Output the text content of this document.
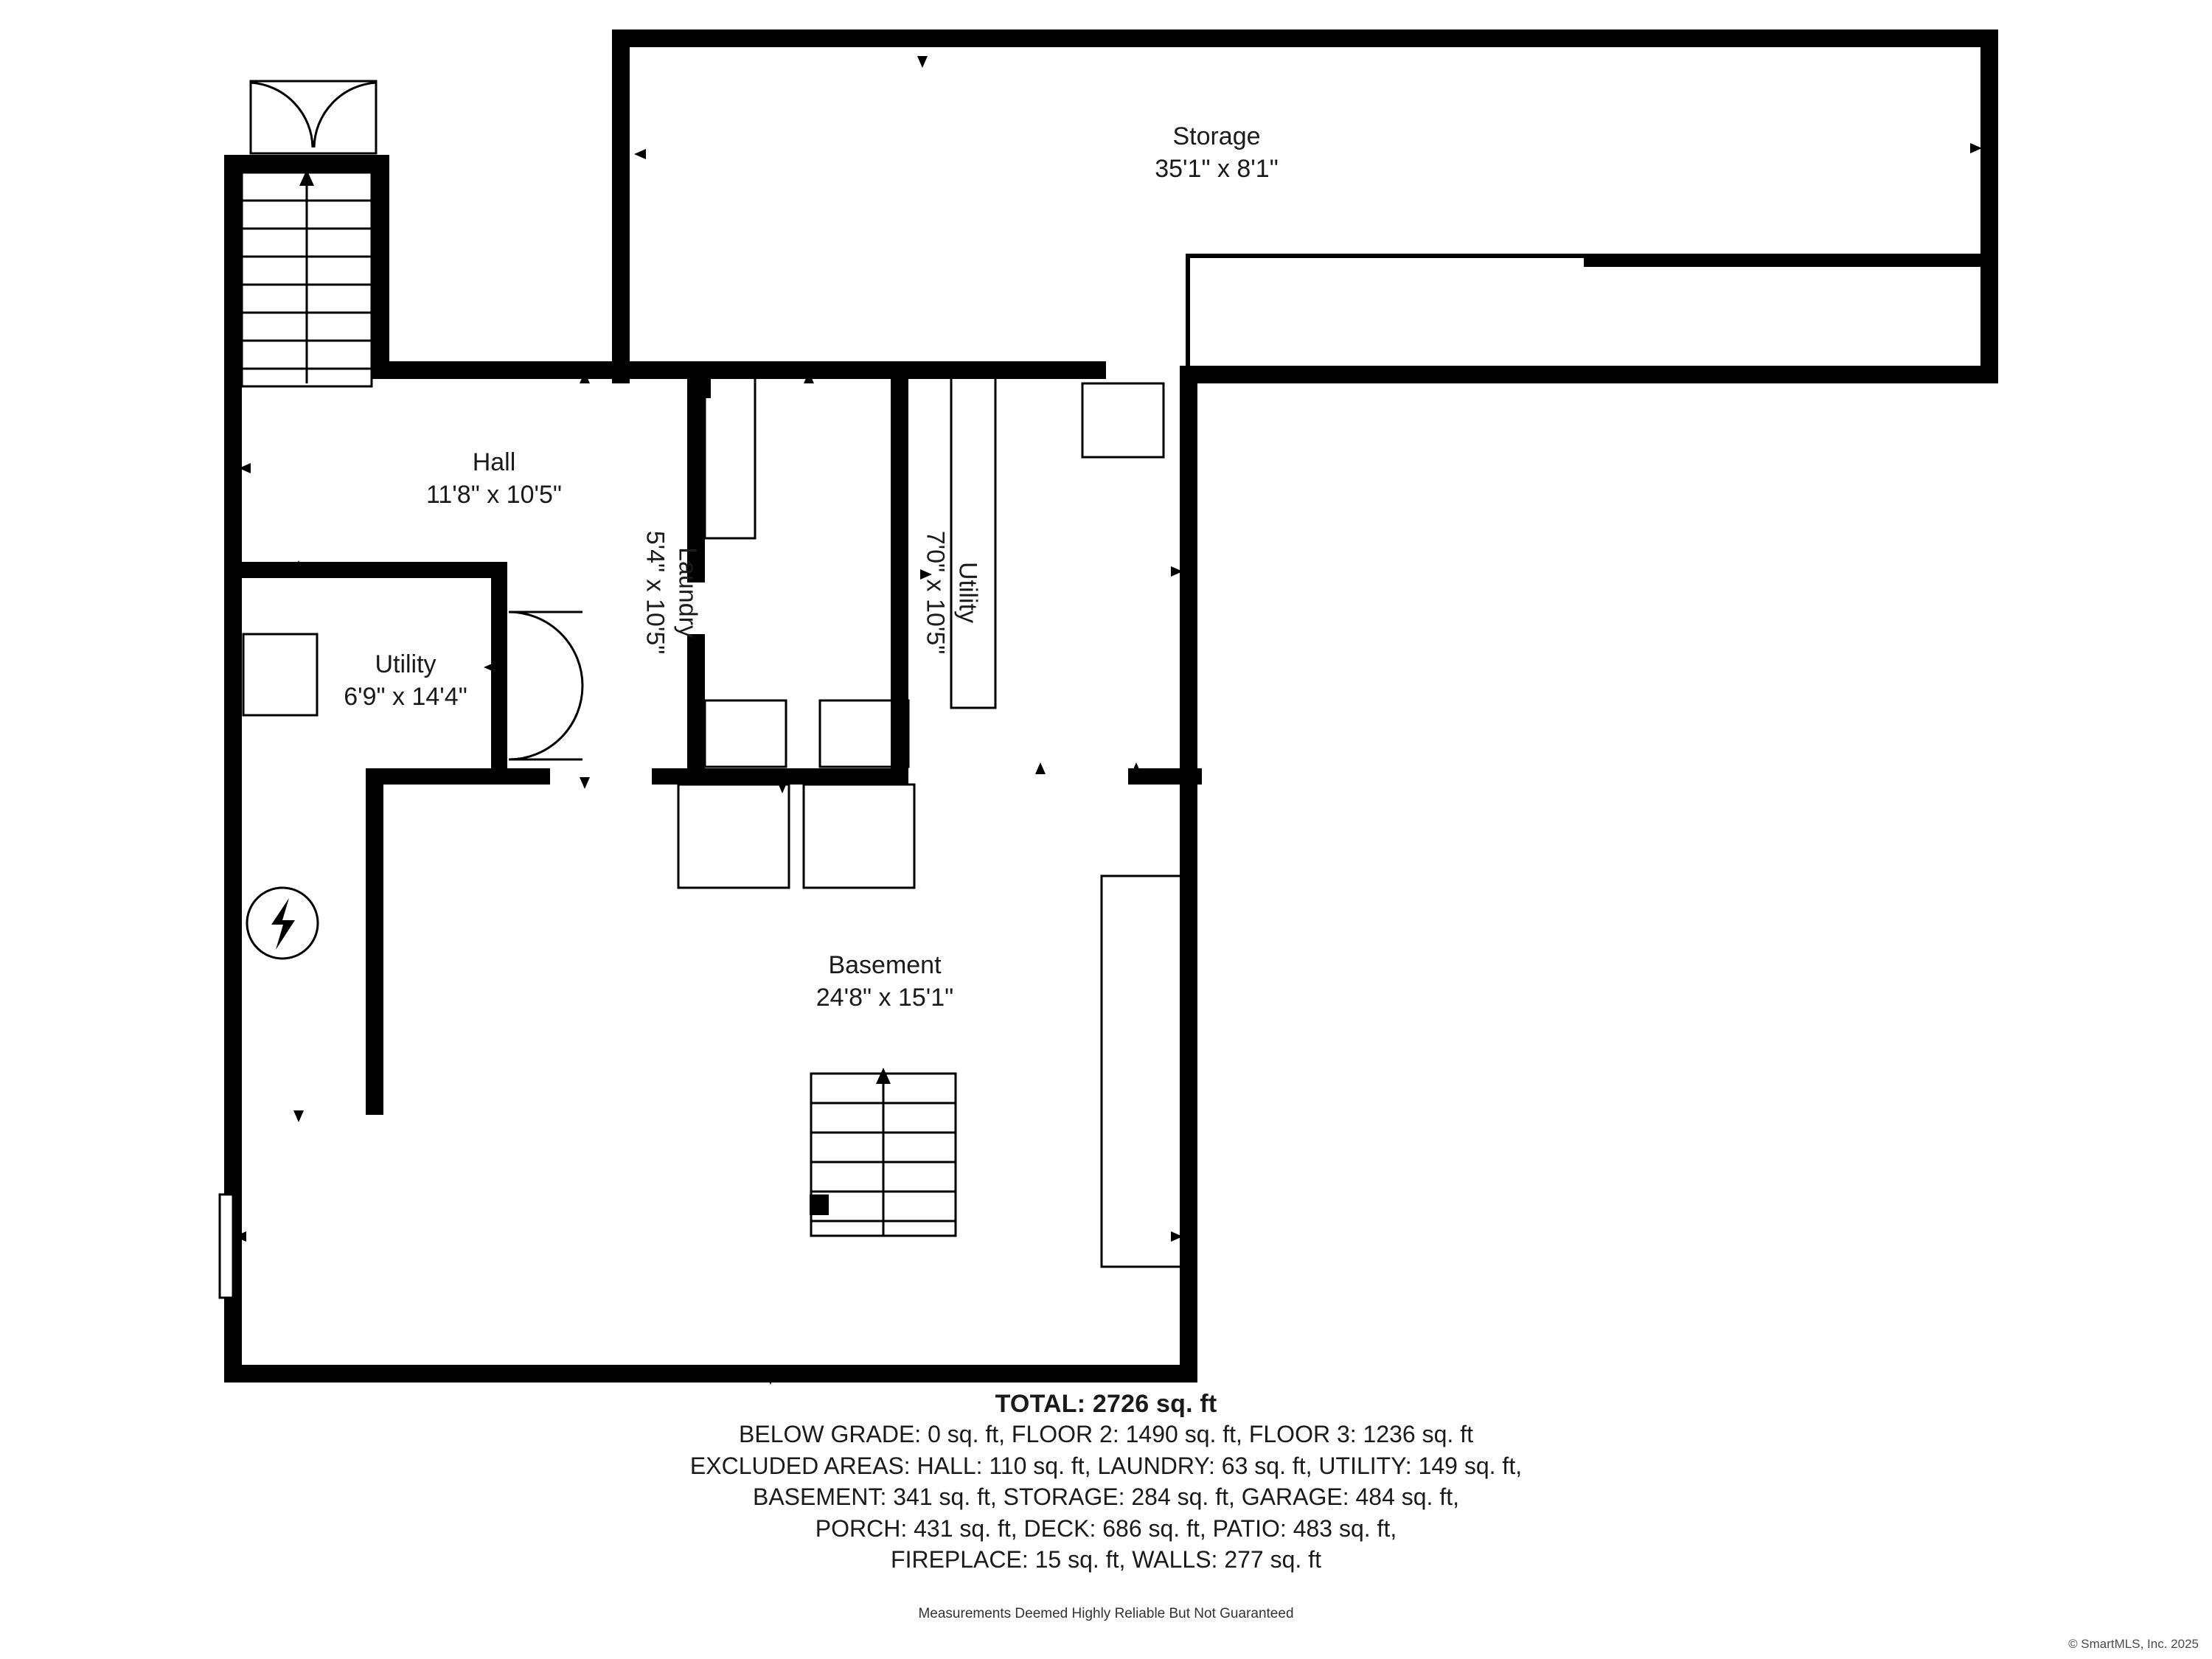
Storage
35'1" x 8'1"
Hall
11'8" x 10'5"
Laundry
5'4" x 10'5"	Utility
7'0" x 10'5"
Utility
6'9" x 14'4"
Basement
24'8" x 15'1"
TOTAL: 2726 sq. ft
BELOW GRADE: 0 sq. ft, FLOOR 2: 1490 sq. ft, FLOOR 3: 1236 sq. ft
EXCLUDED AREAS: HALL: 110 sq. ft, LAUNDRY: 63 sq. ft, UTILITY: 149 sq. ft,
BASEMENT: 341 sq. ft, STORAGE: 284 sq. ft, GARAGE: 484 sq. ft,
PORCH: 431 sq. ft, DECK: 686 sq. ft, PATIO: 483 sq. ft,
FIREPLACE: 15 sq. ft, WALLS: 277 sq. ft
Measurements Deemed Highly Reliable But Not Guaranteed
© SmartMLS, Inc. 2025
